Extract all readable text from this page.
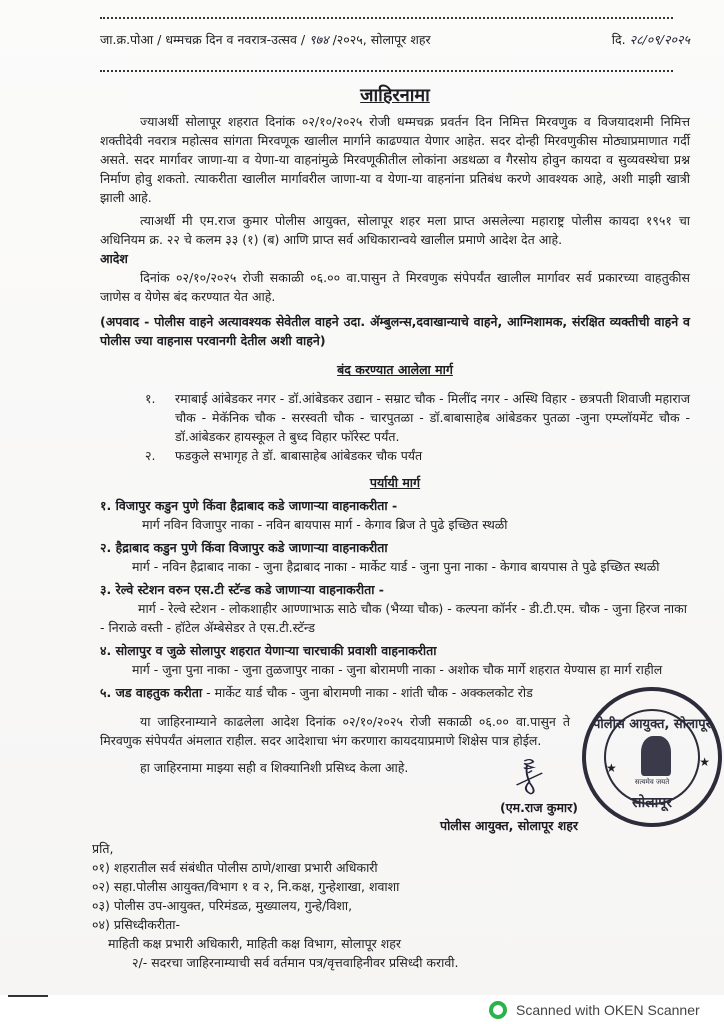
जा.क्र.पोआ / धम्मचक्र दिन व नवरात्र-उत्सव / ९७४ /२०२५, सोलापूर शहर	दि. २८/०९/२०२५
जाहिरनामा
ज्याअर्थी सोलापूर शहरात दिनांक ०२/१०/२०२५ रोजी धम्मचक्र प्रवर्तन दिन निमित्त मिरवणुक व विजयादशमी निमित्त शक्तीदेवी नवरात्र महोत्सव सांगता मिरवणूक खालील मार्गाने काढण्यात येणार आहेत. सदर दोन्ही मिरवणुकीस मोठ्याप्रमाणात गर्दी असते. सदर मार्गावर जाणा-या व येणा-या वाहनांमुळे मिरवणूकीतील लोकांना अडथळा व गैरसोय होवुन कायदा व सुव्यवस्थेचा प्रश्न निर्माण होवु शकतो. त्याकरीता खालील मार्गावरील जाणा-या व येणा-या वाहनांना प्रतिबंध करणे आवश्यक आहे, अशी माझी खात्री झाली आहे.
त्याअर्थी मी एम.राज कुमार पोलीस आयुक्त, सोलापूर शहर मला प्राप्त असलेल्या महाराष्ट्र पोलीस कायदा १९५१ चा अधिनियम क्र. २२ चे कलम ३३ (१) (ब) आणि प्राप्त सर्व अधिकारान्वये खालील प्रमाणे आदेश देत आहे.
आदेश
दिनांक ०२/१०/२०२५ रोजी सकाळी ०६.०० वा.पासुन ते मिरवणुक संपेपर्यंत खालील मार्गावर सर्व प्रकारच्या वाहतुकीस जाणेस व येणेस बंद करण्यात येत आहे.
(अपवाद - पोलीस वाहने अत्यावश्यक सेवेतील वाहने उदा. ॲम्बुलन्स,दवाखान्याचे वाहने, आग्निशामक, संरक्षित व्यक्तीची वाहने व पोलीस ज्या वाहनास परवानगी देतील अशी वाहने)
बंद करण्यात आलेला मार्ग
१.	रमाबाई आंबेडकर नगर - डॉ.आंबेडकर उद्यान - सम्राट चौक - मिलींद नगर - अस्थि विहार - छत्रपती शिवाजी महाराज चौक - मेकॅनिक चौक - सरस्वती चौक - चारपुतळा - डॉ.बाबासाहेब आंबेडकर पुतळा -जुना एम्प्लॉयमेंट चौक - डॉ.आंबेडकर हायस्कूल ते बुध्द विहार फॉरेस्ट पर्यंत.
२.	फडकुले सभागृह ते डॉ. बाबासाहेब आंबेडकर चौक पर्यंत
पर्यायी मार्ग
१. विजापुर कडुन पुणे किंवा हैद्राबाद कडे जाणाऱ्या वाहनाकरीता -
मार्ग नविन विजापुर नाका - नविन बायपास मार्ग - केगाव ब्रिज ते पुढे इच्छित स्थळी
२. हैद्राबाद कडुन पुणे किंवा विजापुर कडे जाणाऱ्या वाहनाकरीता
मार्ग - नविन हैद्राबाद नाका - जुना हैद्राबाद नाका - मार्केट यार्ड - जुना पुना नाका - केगाव बायपास ते पुढे इच्छित स्थळी
३. रेल्वे स्टेशन वरुन एस.टी स्टॅन्ड कडे जाणाऱ्या वाहनाकरीता -
मार्ग - रेल्वे स्टेशन - लोकशाहीर आण्णाभाऊ साठे चौक (भैय्या चौक) - कल्पना कॉर्नर - डी.टी.एम. चौक - जुना हिरज नाका - निराळे वस्ती - हॉटेल ॲम्बेसेडर ते एस.टी.स्टॅन्ड
४. सोलापुर व जुळे सोलापुर शहरात येणाऱ्या चारचाकी प्रवाशी वाहनाकरीता
मार्ग - जुना पुना नाका - जुना तुळजापुर नाका - जुना बोरामणी नाका - अशोक चौक मार्गे शहरात येण्यास हा मार्ग राहील
५. जड वाहतुक करीता - मार्केट यार्ड चौक - जुना बोरामणी नाका - शांती चौक - अक्कलकोट रोड
या जाहिरनाम्याने काढलेला आदेश दिनांक ०२/१०/२०२५ रोजी सकाळी ०६.०० वा.पासुन ते मिरवणुक संपेपर्यंत अंमलात राहील. सदर आदेशाचा भंग करणारा कायदयाप्रमाणे शिक्षेस पात्र होईल.
हा जाहिरनामा माझ्या सही व शिक्यानिशी प्रसिध्द केला आहे.
(एम.राज कुमार)
पोलीस आयुक्त, सोलापूर शहर
पोलीस आयुक्त, सोलापूर
सत्यमेव जयते
★	★
सोलापूर
प्रति,
०१) शहरातील सर्व संबंधीत पोलीस ठाणे/शाखा प्रभारी अधिकारी
०२) सहा.पोलीस आयुक्त/विभाग १ व २, नि.कक्ष, गुन्हेशाखा, शवाशा
०३) पोलीस उप-आयुक्त, परिमंडळ, मुख्यालय, गुन्हे/विशा,
०४) प्रसिध्दीकरीता-
माहिती कक्ष प्रभारी अधिकारी, माहिती कक्ष विभाग, सोलापूर शहर
२/- सदरचा जाहिरनाम्याची सर्व वर्तमान पत्र/वृत्तवाहिनीवर प्रसिध्दी करावी.
Scanned with OKEN Scanner
